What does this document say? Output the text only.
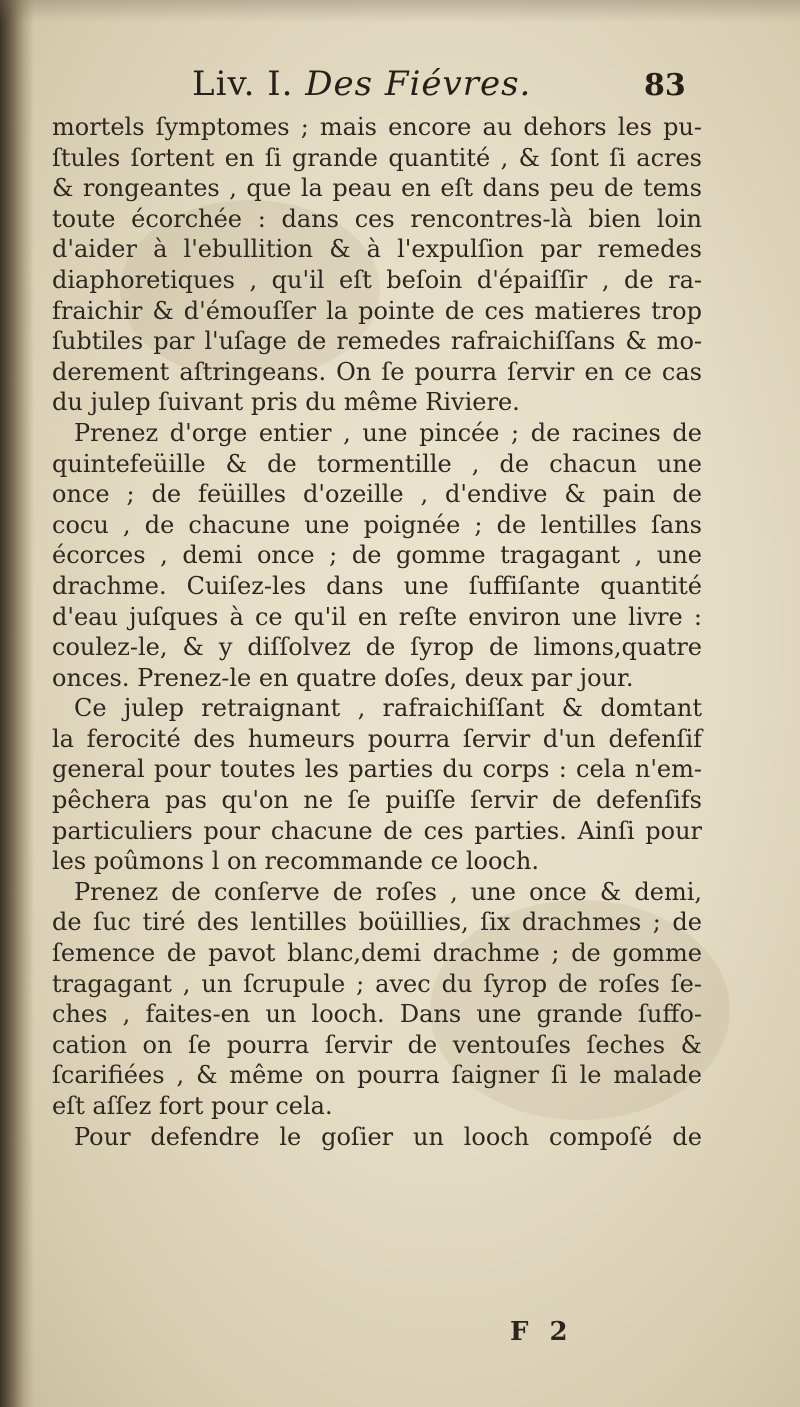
Liv. I. Des Fiévres.	83
mortels ſymptomes ; mais encore au dehors les pu-
ſtules ſortent en ſi grande quantité , & ſont ſi acres
& rongeantes , que la peau en eſt dans peu de tems
toute écorchée : dans ces rencontres-là bien loin
d'aider à l'ebullition & à l'expulſion par remedes
diaphoretiques , qu'il eſt beſoin d'épaiſſir , de ra-
fraichir & d'émouſſer la pointe de ces matieres trop
ſubtiles par l'uſage de remedes rafraichiſſans & mo-
derement aſtringeans. On ſe pourra ſervir en ce cas
du julep ſuivant pris du même Riviere.
Prenez d'orge entier , une pincée ; de racines de
quintefeüille & de tormentille , de chacun une
once ; de feüilles d'ozeille , d'endive & pain de
cocu , de chacune une poignée ; de lentilles ſans
écorces , demi once ; de gomme tragagant , une
drachme. Cuiſez-les dans une ſuffiſante quantité
d'eau juſques à ce qu'il en reſte environ une livre :
coulez-le, & y diſſolvez de ſyrop de limons,quatre
onces. Prenez-le en quatre doſes, deux par jour.
Ce julep retraignant , rafraichiſſant & domtant
la ferocité des humeurs pourra ſervir d'un defenſif
general pour toutes les parties du corps : cela n'em-
pêchera pas qu'on ne ſe puiſſe ſervir de defenſifs
particuliers pour chacune de ces parties. Ainſi pour
les poûmons l on recommande ce looch.
Prenez de conſerve de roſes , une once & demi,
de ſuc tiré des lentilles boüillies, ſix drachmes ; de
ſemence de pavot blanc,demi drachme ; de gomme
tragagant , un ſcrupule ; avec du ſyrop de roſes ſe-
ches , faites-en un looch. Dans une grande ſuffo-
cation on ſe pourra ſervir de ventouſes ſeches &
ſcarifiées , & même on pourra ſaigner ſi le malade
eſt aſſez fort pour cela.
Pour defendre le goſier un looch compoſé de
F 2
